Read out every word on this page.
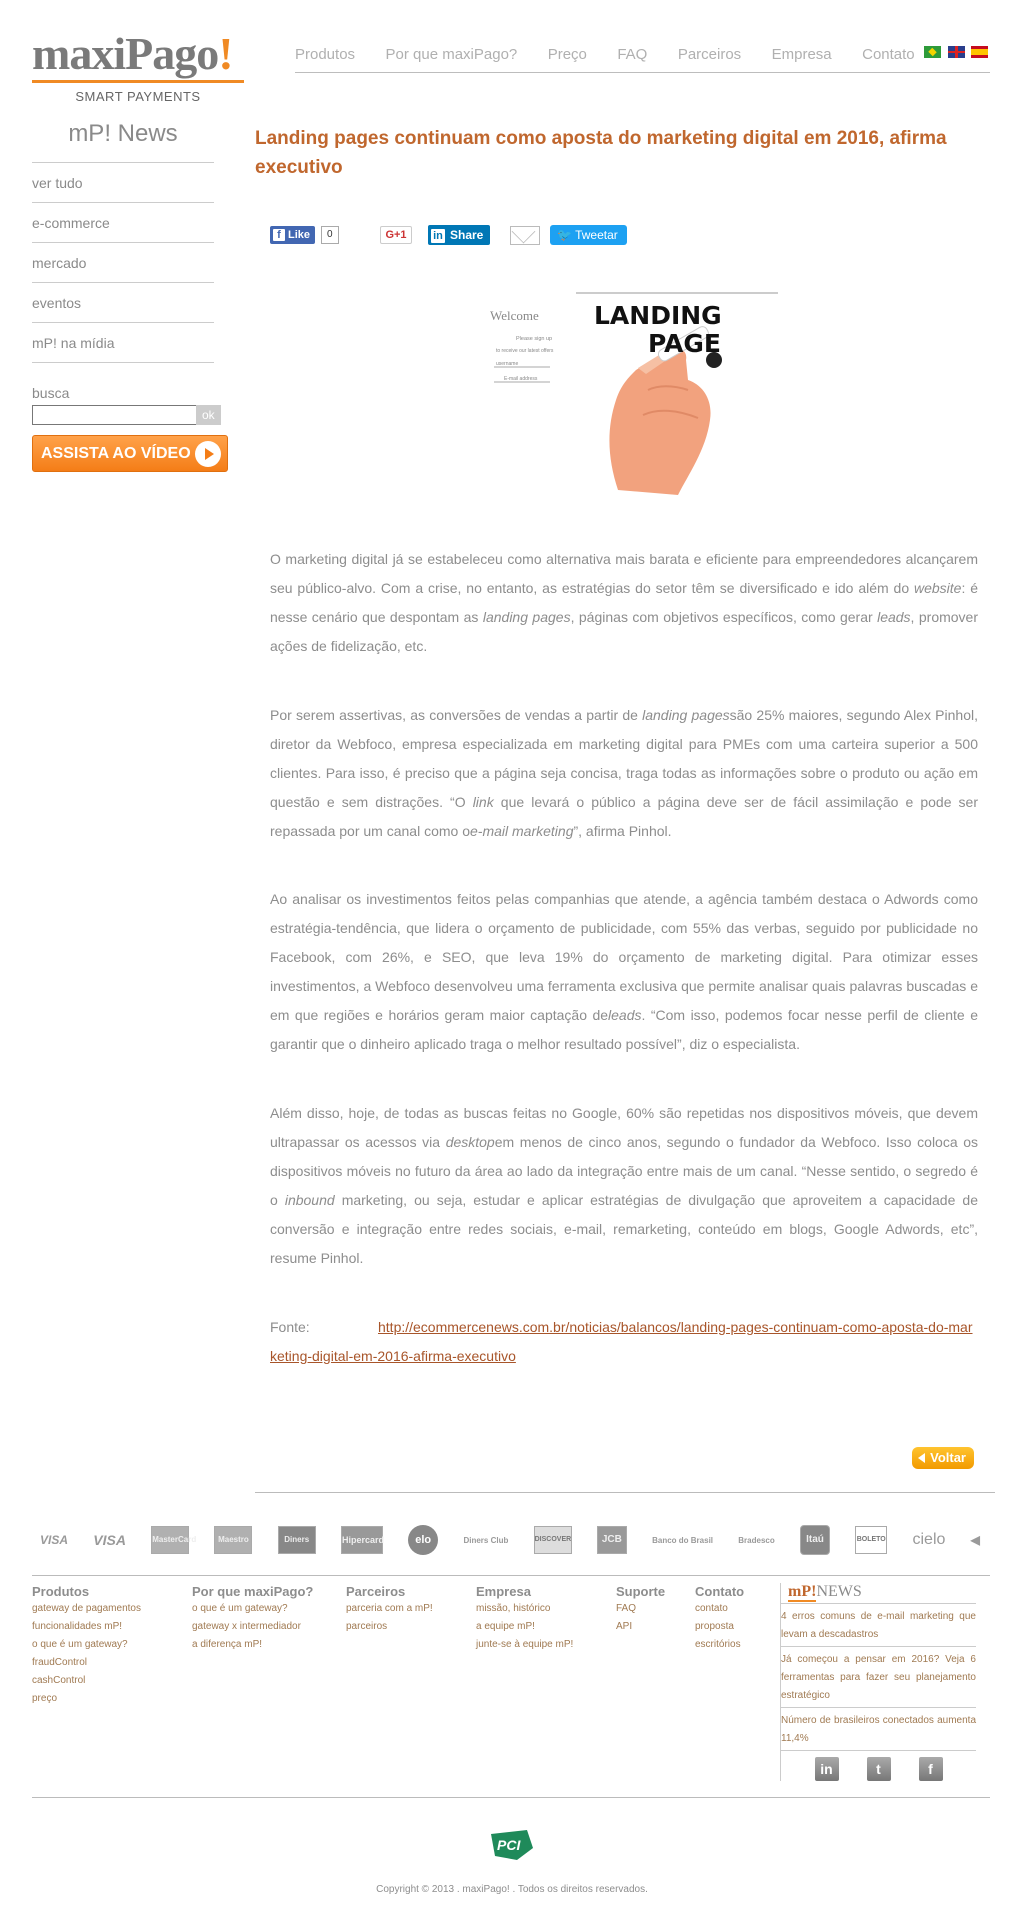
maxiPago!
SMART PAYMENTS
Produtos Por que maxiPago? Preço FAQ Parceiros Empresa Contato

mP! News
ver tudo
e-commerce
mercado
eventos
mP! na mídia
busca
ok
ASSISTA AO VÍDEO
Landing pages continuam como aposta do marketing digital em 2016, afirma executivo
f Like	0	G+1	in Share	🐦 Tweetar
Welcome
Please sign up
to receive our latest offers
username
E-mail address
LANDING
PAGE

O marketing digital já se estabeleceu como alternativa mais barata e eficiente para empreendedores alcançarem seu público-alvo. Com a crise, no entanto, as estratégias do setor têm se diversificado e ido além do website: é nesse cenário que despontam as landing pages, páginas com objetivos específicos, como gerar leads, promover ações de fidelização, etc.

Por serem assertivas, as conversões de vendas a partir de landing pagessão 25% maiores, segundo Alex Pinhol, diretor da Webfoco, empresa especializada em marketing digital para PMEs com uma carteira superior a 500 clientes. Para isso, é preciso que a página seja concisa, traga todas as informações sobre o produto ou ação em questão e sem distrações. “O link que levará o público a página deve ser de fácil assimilação e pode ser repassada por um canal como oe-mail marketing”, afirma Pinhol.

Ao analisar os investimentos feitos pelas companhias que atende, a agência também destaca o Adwords como estratégia-tendência, que lidera o orçamento de publicidade, com 55% das verbas, seguido por publicidade no Facebook, com 26%, e SEO, que leva 19% do orçamento de marketing digital. Para otimizar esses investimentos, a Webfoco desenvolveu uma ferramenta exclusiva que permite analisar quais palavras buscadas e em que regiões e horários geram maior captação deleads. “Com isso, podemos focar nesse perfil de cliente e garantir que o dinheiro aplicado traga o melhor resultado possível”, diz o especialista.

Além disso, hoje, de todas as buscas feitas no Google, 60% são repetidas nos dispositivos móveis, que devem ultrapassar os acessos via desktopem menos de cinco anos, segundo o fundador da Webfoco. Isso coloca os dispositivos móveis no futuro da área ao lado da integração entre mais de um canal. “Nesse sentido, o segredo é o inbound marketing, ou seja, estudar e aplicar estratégias de divulgação que aproveitem a capacidade de conversão e integração entre redes sociais, e-mail, remarketing, conteúdo em blogs, Google Adwords, etc”, resume Pinhol.

Fonte:	http://ecommercenews.com.br/noticias/balancos/landing-pages-continuam-como-aposta-do-marketing-digital-em-2016-afirma-executivo
Voltar
VISA VISA	MasterCard	Maestro	Diners	Hipercard	elo	Diners Club	DISCOVER	JCB	Banco do Brasil	Bradesco	Itaú	BOLETO cielo ◀
Produtos
gateway de pagamentos
funcionalidades mP!
o que é um gateway?
fraudControl
cashControl
preço
Por que maxiPago?
o que é um gateway?
gateway x intermediador
a diferença mP!
Parceiros
parceria com a mP!
parceiros
Empresa
missão, histórico
a equipe mP!
junte-se à equipe mP!
Suporte
FAQ
API
Contato
contato
proposta
escritórios
mP!NEWS
4 erros comuns de e-mail marketing que levam a descadastros
Já começou a pensar em 2016? Veja 6 ferramentas para fazer seu planejamento estratégico
Número de brasileiros conectados aumenta 11,4%
in	t	f
PCI
Copyright © 2013 . maxiPago! . Todos os direitos reservados.
